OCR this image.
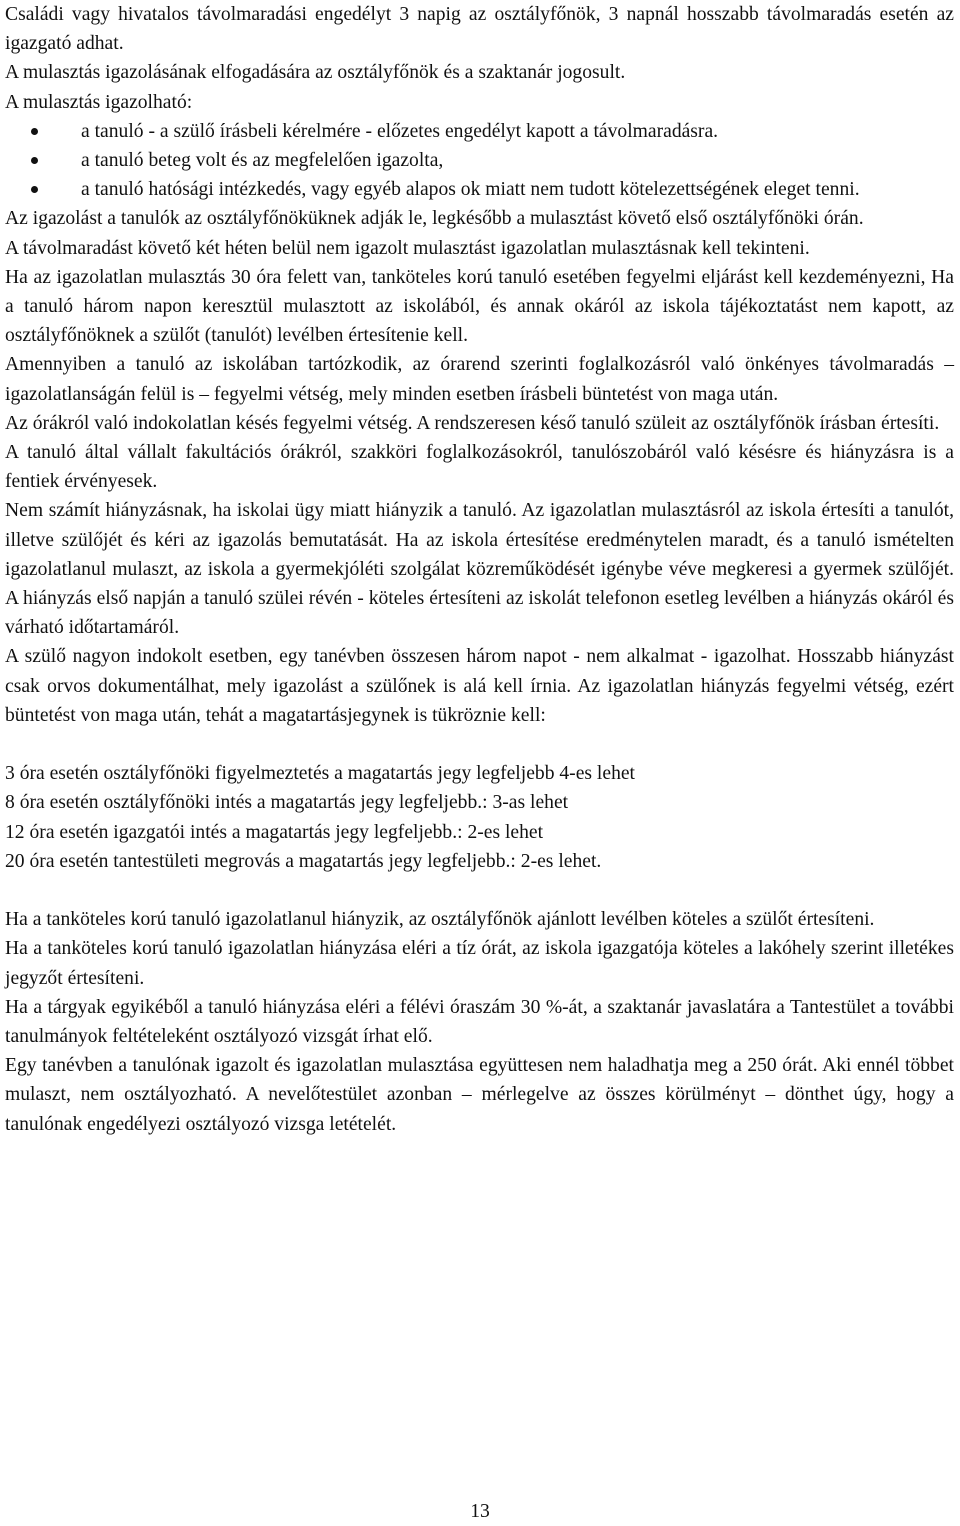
Családi vagy hivatalos távolmaradási engedélyt 3 napig az osztályfőnök, 3 napnál hosszabb távolmaradás esetén az igazgató adhat.

A mulasztás igazolásának elfogadására az osztályfőnök és a szaktanár jogosult.

A mulasztás igazolható:

a tanuló - a szülő írásbeli kérelmére - előzetes engedélyt kapott a távolmaradásra.
a tanuló beteg volt és az megfelelően igazolta,
a tanuló hatósági intézkedés, vagy egyéb alapos ok miatt nem tudott kötelezettségének eleget tenni.

Az igazolást a tanulók az osztályfőnöküknek adják le, legkésőbb a mulasztást követő első osztályfőnöki órán.

A távolmaradást követő két héten belül nem igazolt mulasztást igazolatlan mulasztásnak kell tekinteni.

Ha az igazolatlan mulasztás 30 óra felett van, tanköteles korú tanuló esetében fegyelmi eljárást kell kezdeményezni, Ha a tanuló három napon keresztül mulasztott az iskolából, és annak okáról az iskola tájékoztatást nem kapott, az osztályfőnöknek a szülőt (tanulót) levélben értesítenie kell.

Amennyiben a tanuló az iskolában tartózkodik, az órarend szerinti foglalkozásról való önkényes távolmaradás – igazolatlanságán felül is – fegyelmi vétség, mely minden esetben írásbeli büntetést von maga után.

Az órákról való indokolatlan késés fegyelmi vétség. A rendszeresen késő tanuló szüleit az osztályfőnök írásban értesíti.

A tanuló által vállalt fakultációs órákról, szakköri foglalkozásokról, tanulószobáról való késésre és hiányzásra is a fentiek érvényesek.

Nem számít hiányzásnak, ha iskolai ügy miatt hiányzik a tanuló. Az igazolatlan mulasztásról az iskola értesíti a tanulót, illetve szülőjét és kéri az igazolás bemutatását. Ha az iskola értesítése eredménytelen maradt, és a tanuló ismételten igazolatlanul mulaszt, az iskola a gyermekjóléti szolgálat közreműködését igénybe véve megkeresi a gyermek szülőjét. A hiányzás első napján a tanuló szülei révén - köteles értesíteni az iskolát telefonon esetleg levélben a hiányzás okáról és várható időtartamáról.

A szülő nagyon indokolt esetben, egy tanévben összesen három napot - nem alkalmat - igazolhat. Hosszabb hiányzást csak orvos dokumentálhat, mely igazolást a szülőnek is alá kell írnia. Az igazolatlan hiányzás fegyelmi vétség, ezért büntetést von maga után, tehát a magatartásjegynek is tükröznie kell:

3 óra esetén osztályfőnöki figyelmeztetés a magatartás jegy legfeljebb 4-es lehet

8 óra esetén osztályfőnöki intés a magatartás jegy legfeljebb.: 3-as lehet

12 óra esetén igazgatói intés a magatartás jegy legfeljebb.: 2-es lehet

20 óra esetén tantestületi megrovás a magatartás jegy legfeljebb.: 2-es lehet.

Ha a tanköteles korú tanuló igazolatlanul hiányzik, az osztályfőnök ajánlott levélben köteles a szülőt értesíteni.

Ha a tanköteles korú tanuló igazolatlan hiányzása eléri a tíz órát, az iskola igazgatója köteles a lakóhely szerint illetékes jegyzőt értesíteni.

Ha a tárgyak egyikéből a tanuló hiányzása eléri a félévi óraszám 30 %-át, a szaktanár javaslatára a Tantestület a további tanulmányok feltételeként osztályozó vizsgát írhat elő.

Egy tanévben a tanulónak igazolt és igazolatlan mulasztása együttesen nem haladhatja meg a 250 órát. Aki ennél többet mulaszt, nem osztályozható. A nevelőtestület azonban – mérlegelve az összes körülményt – dönthet úgy, hogy a tanulónak engedélyezi osztályozó vizsga letételét.

13
